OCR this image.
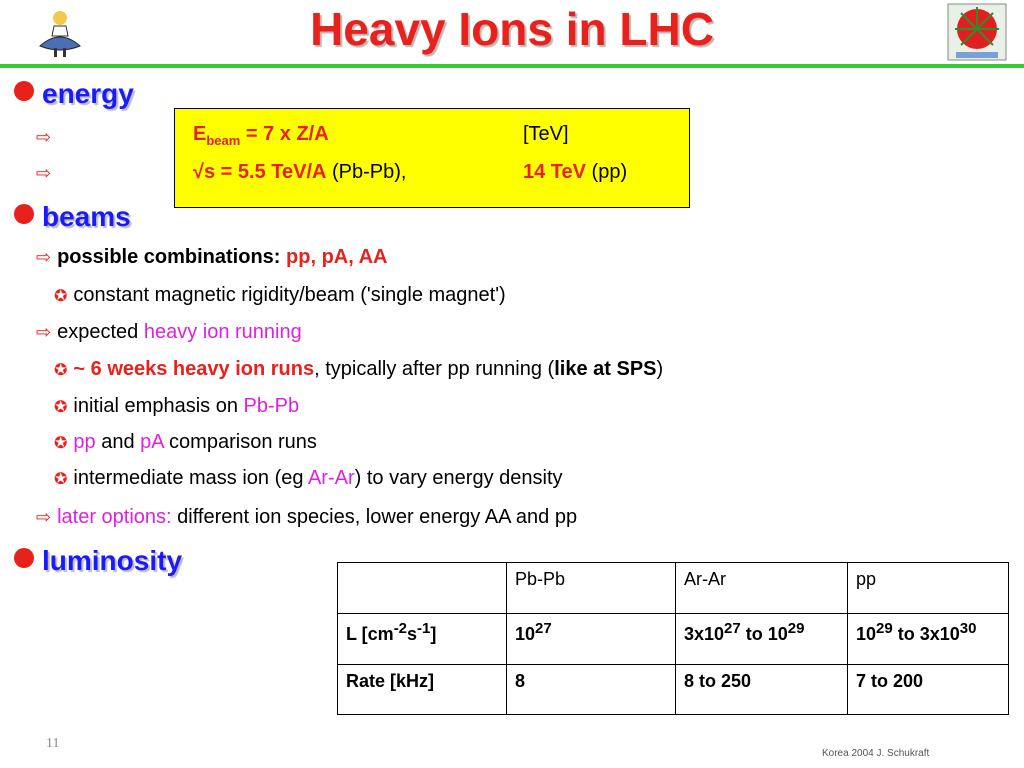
Heavy Ions in LHC
energy
⇨
⇨
$E_{beam} = 7$ x Z/A	[TeV]
√s = 5.5 TeV/A (Pb-Pb),	14 TeV (pp)
beams
⇨ possible combinations: pp, pA, AA
✪ constant magnetic rigidity/beam ('single magnet')
⇨ expected heavy ion running
✪ ~ 6 weeks heavy ion runs, typically after pp running (like at SPS)
✪ initial emphasis on Pb-Pb
✪ pp and pA comparison runs
✪ intermediate mass ion (eg Ar-Ar) to vary energy density
⇨ later options: different ion species, lower energy AA and pp
luminosity
	Pb-Pb	Ar-Ar	pp
L $[cm^{-2}s^{-1}]$	$10^{27}$	$3x10^{27}$ to $10^{29}$	$10^{29}$ to $3x10^{30}$
Rate [kHz]	8	8 to 250	7 to 200
11
Korea 2004 J. Schukraft
